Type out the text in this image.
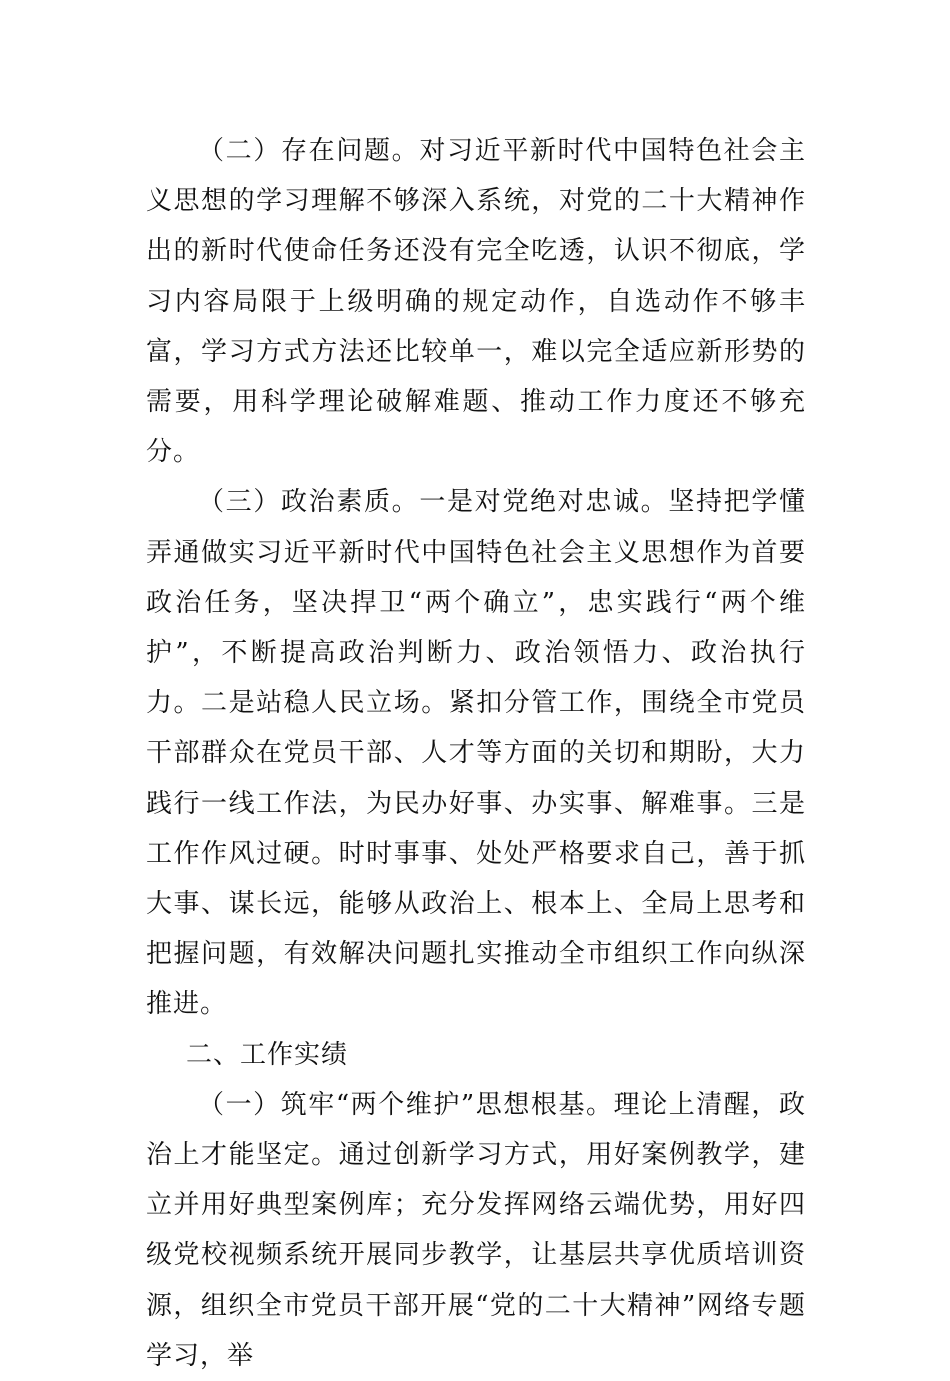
（二）存在问题。对习近平新时代中国特色社会主义思想的学习理解不够深入系统，对党的二十大精神作出的新时代使命任务还没有完全吃透，认识不彻底，学习内容局限于上级明确的规定动作，自选动作不够丰富，学习方式方法还比较单一，难以完全适应新形势的需要，用科学理论破解难题、推动工作力度还不够充分。

（三）政治素质。一是对党绝对忠诚。坚持把学懂弄通做实习近平新时代中国特色社会主义思想作为首要政治任务，坚决捍卫“两个确立”，忠实践行“两个维护”，不断提高政治判断力、政治领悟力、政治执行力。二是站稳人民立场。紧扣分管工作，围绕全市党员干部群众在党员干部、人才等方面的关切和期盼，大力践行一线工作法，为民办好事、办实事、解难事。三是工作作风过硬。时时事事、处处严格要求自己，善于抓大事、谋长远，能够从政治上、根本上、全局上思考和把握问题，有效解决问题扎实推动全市组织工作向纵深推进。

二、工作实绩

（一）筑牢“两个维护”思想根基。理论上清醒，政治上才能坚定。通过创新学习方式，用好案例教学，建立并用好典型案例库；充分发挥网络云端优势，用好四级党校视频系统开展同步教学，让基层共享优质培训资源，组织全市党员干部开展“党的二十大精神”网络专题学习，举
